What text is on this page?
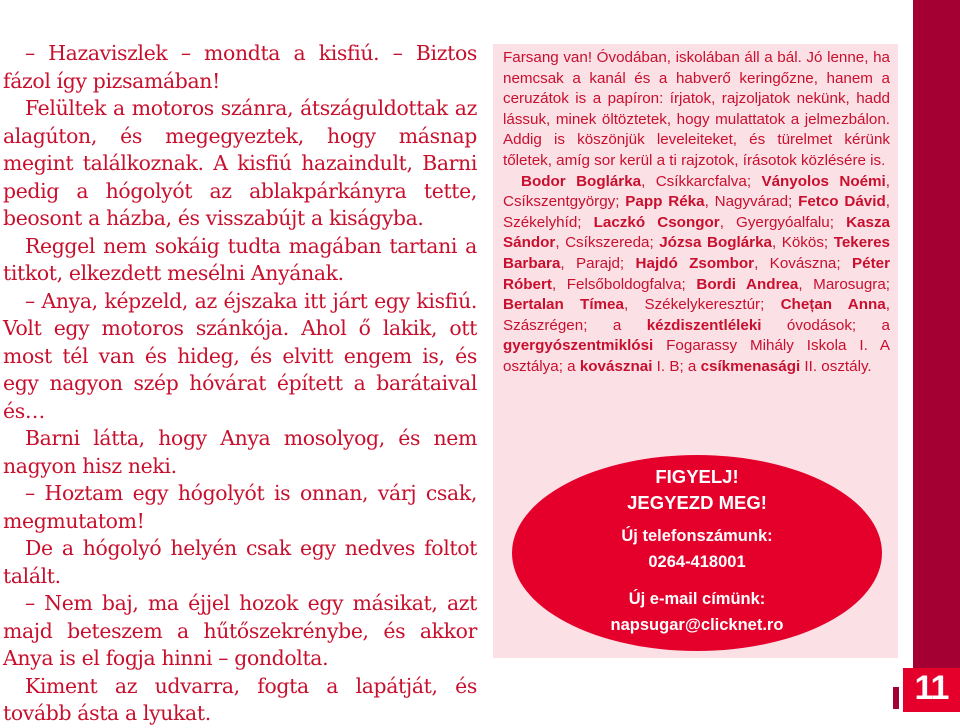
– Hazaviszlek – mondta a kisfiú. – Biztos fázol így pizsamában!

Felültek a motoros szánra, átszáguldottak az alagúton, és megegyeztek, hogy másnap megint találkoznak. A kisfiú hazaindult, Barni pedig a hógolyót az ablakpárkányra tette, beosont a házba, és visszabújt a kiságyba.

Reggel nem sokáig tudta magában tartani a titkot, elkezdett mesélni Anyának.

– Anya, képzeld, az éjszaka itt járt egy kisfiú. Volt egy motoros szánkója. Ahol ő lakik, ott most tél van és hideg, és elvitt engem is, és egy nagyon szép hóvárat épített a barátaival és…

Barni látta, hogy Anya mosolyog, és nem nagyon hisz neki.

– Hoztam egy hógolyót is onnan, várj csak, megmutatom!

De a hógolyó helyén csak egy nedves foltot talált.

– Nem baj, ma éjjel hozok egy másikat, azt majd beteszem a hűtőszekrénybe, és akkor Anya is el fogja hinni – gondolta.

Kiment az udvarra, fogta a lapátját, és tovább ásta a lyukat.

Farsang van! Óvodában, iskolában áll a bál. Jó lenne, ha nemcsak a kanál és a habverő keringőzne, hanem a ceruzátok is a papíron: írjatok, rajzoljatok nekünk, hadd lássuk, minek öltöztetek, hogy mulattatok a jelmezbálon. Addig is köszönjük leveleiteket, és türelmet kérünk tőletek, amíg sor kerül a ti rajzotok, írásotok közlésére is.

Bodor Boglárka, Csíkkarcfalva; Ványolos Noémi, Csíkszentgyörgy; Papp Réka, Nagyvárad; Fetco Dávid, Székelyhíd; Laczkó Csongor, Gyergyóalfalu; Kasza Sándor, Csíkszereda; Józsa Boglárka, Kökös; Tekeres Barbara, Parajd; Hajdó Zsombor, Kovászna; Péter Róbert, Felsőboldogfalva; Bordi Andrea, Marosugra; Bertalan Tímea, Székelykeresztúr; Chețan Anna, Szászrégen; a kézdiszentléleki óvodások; a gyergyószentmiklósi Fogarassy Mihály Iskola I. A osztálya; a kovásznai I. B; a csíkmenasági II. osztály.

FIGYELJ!
JEGYEZD MEG!
Új telefonszámunk:
0264-418001
Új e-mail címünk:
napsugar@clicknet.ro
11
